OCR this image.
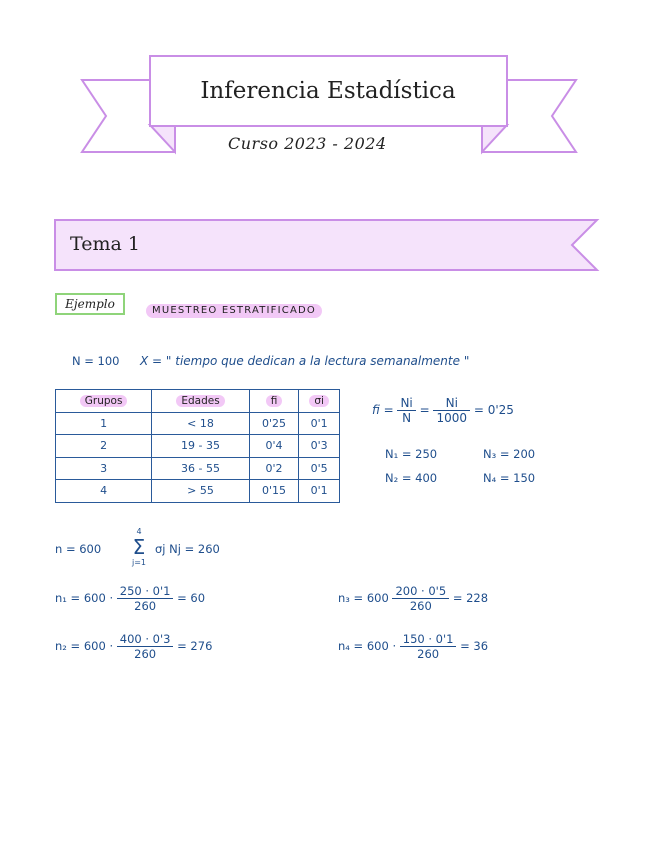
Inferencia Estadística
Curso 2023 - 2024
Tema 1
Ejemplo	MUESTREO ESTRATIFICADO
N = 100 X = " tiempo que dedican a la lectura semanalmente "
Grupos	Edades	fi	σi
1	< 18	0'25	0'1
2	19 - 35	0'4	0'3
3	36 - 55	0'2	0'5
4	> 55	0'15	0'1
fi = $\frac{Ni}{N} = \frac{Ni}{1000} = 0'25$
N₁ = 250
N₂ = 400
N₃ = 200
N₄ = 150
n = 600
4
Σ
j=1
σj Nj = 260
$n_1 = 600 \cdot \frac{250 \cdot 0'1}{260} = 60$
$n_2 = 600 \cdot \frac{400 \cdot 0'3}{260} = 276$
$n_3 = 600 \frac{200 \cdot 0'5}{260} = 228$
$n_4 = 600 \cdot \frac{150 \cdot 0'1}{260} = 36$
